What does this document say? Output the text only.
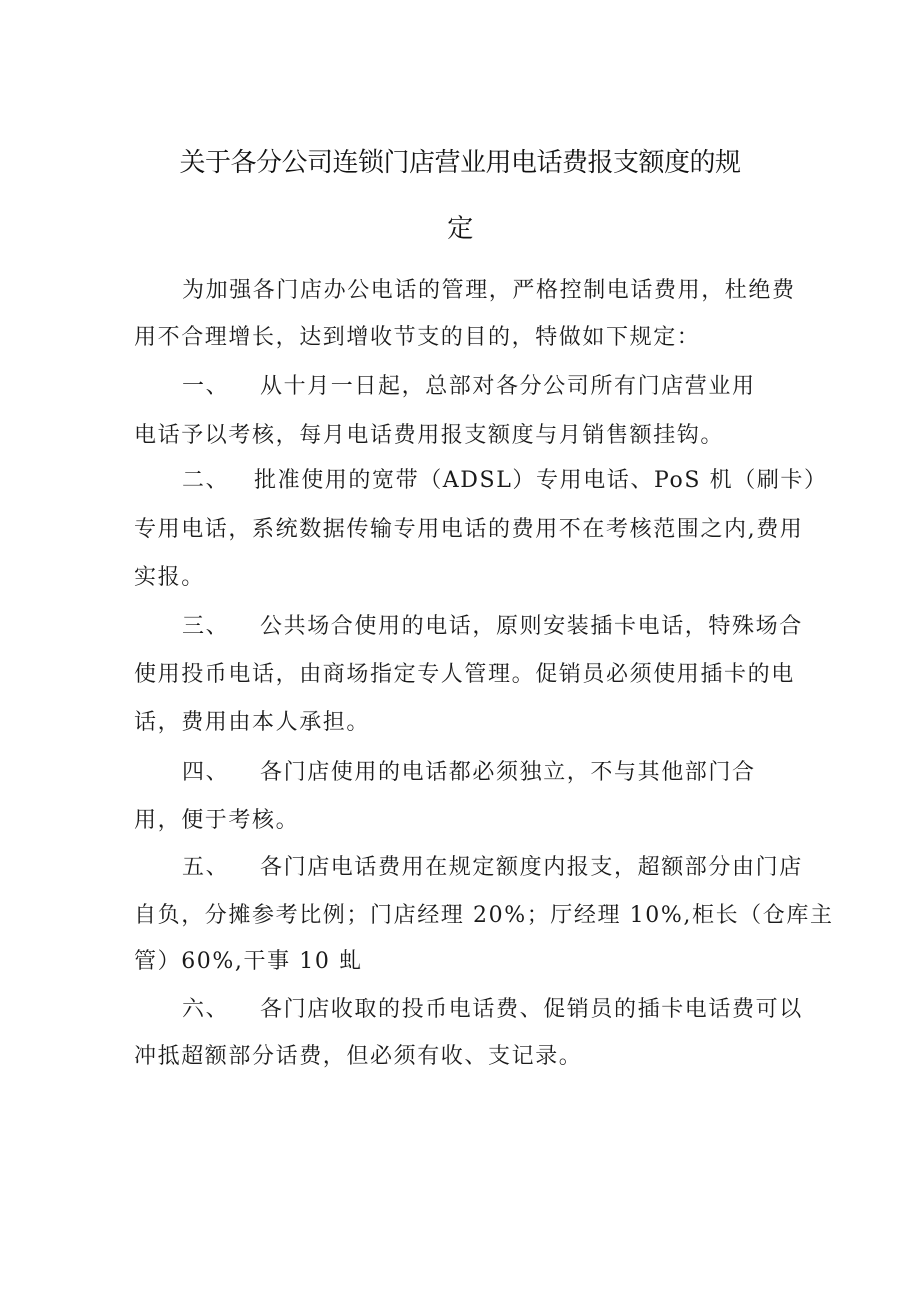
关于各分公司连锁门店营业用电话费报支额度的规
定
为加强各门店办公电话的管理，严格控制电话费用，杜绝费
用不合理增长，达到增收节支的目的，特做如下规定：
一、 从十月一日起，总部对各分公司所有门店营业用
电话予以考核，每月电话费用报支额度与月销售额挂钩。
二、 批准使用的宽带（ADSL）专用电话、PoS 机（刷卡）
专用电话，系统数据传输专用电话的费用不在考核范围之内,费用
实报。
三、 公共场合使用的电话，原则安装插卡电话，特殊场合
使用投币电话，由商场指定专人管理。促销员必须使用插卡的电
话，费用由本人承担。
四、 各门店使用的电话都必须独立，不与其他部门合
用，便于考核。
五、 各门店电话费用在规定额度内报支，超额部分由门店
自负，分摊参考比例；门店经理 20%；厅经理 10%,柜长（仓库主
管）60%,干事 10 虬
六、 各门店收取的投币电话费、促销员的插卡电话费可以
冲抵超额部分话费，但必须有收、支记录。
